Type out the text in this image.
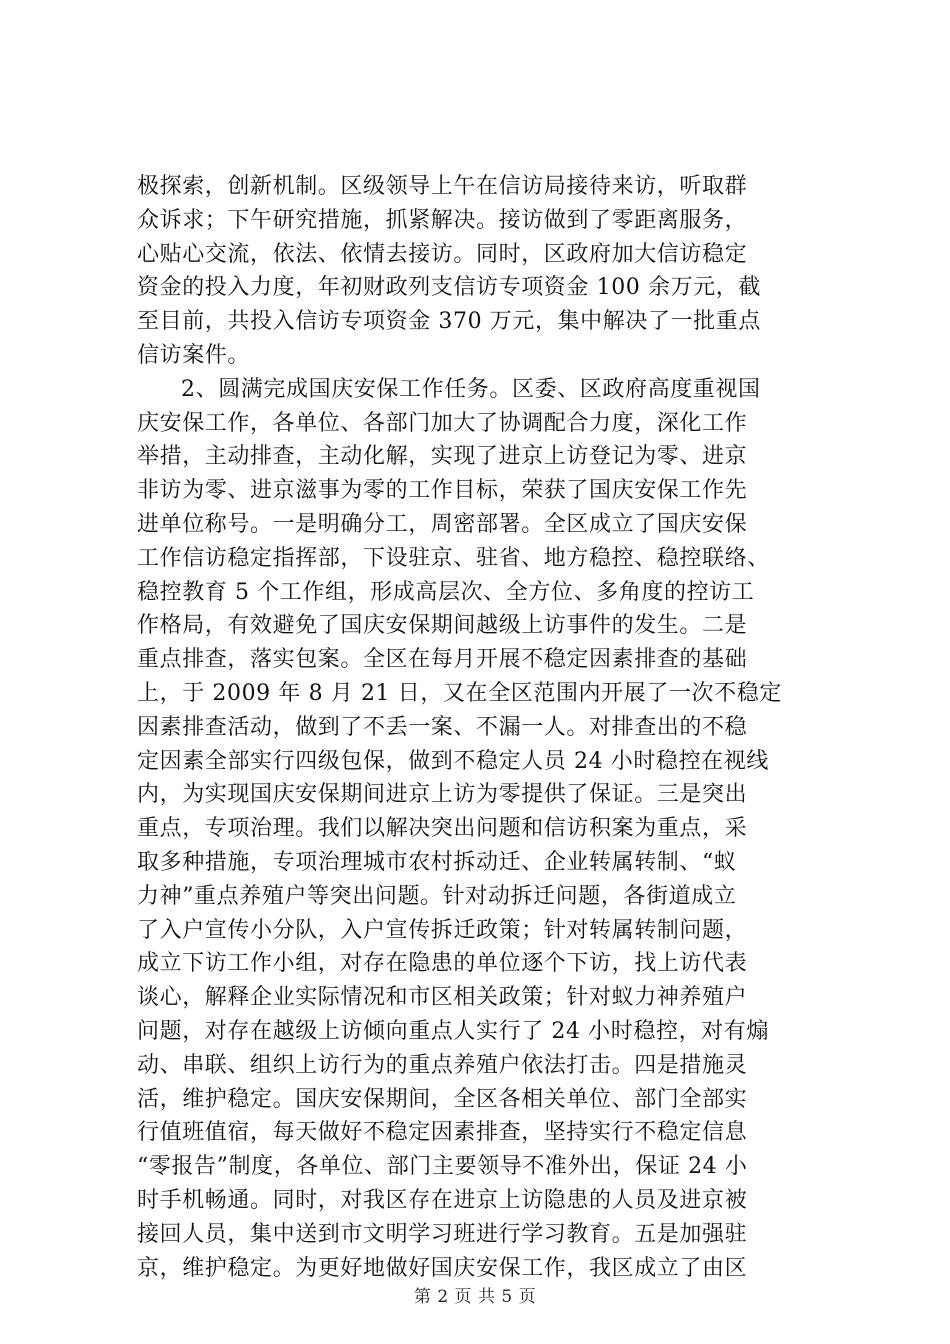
极探索，创新机制。区级领导上午在信访局接待来访，听取群
众诉求；下午研究措施，抓紧解决。接访做到了零距离服务，
心贴心交流，依法、依情去接访。同时，区政府加大信访稳定
资金的投入力度，年初财政列支信访专项资金 100 余万元，截
至目前，共投入信访专项资金 370 万元，集中解决了一批重点
信访案件。
2、圆满完成国庆安保工作任务。区委、区政府高度重视国
庆安保工作，各单位、各部门加大了协调配合力度，深化工作
举措，主动排查，主动化解，实现了进京上访登记为零、进京
非访为零、进京滋事为零的工作目标，荣获了国庆安保工作先
进单位称号。一是明确分工，周密部署。全区成立了国庆安保
工作信访稳定指挥部，下设驻京、驻省、地方稳控、稳控联络、
稳控教育 5 个工作组，形成高层次、全方位、多角度的控访工
作格局，有效避免了国庆安保期间越级上访事件的发生。二是
重点排查，落实包案。全区在每月开展不稳定因素排查的基础
上，于 2009 年 8 月 21 日，又在全区范围内开展了一次不稳定
因素排查活动，做到了不丢一案、不漏一人。对排查出的不稳
定因素全部实行四级包保，做到不稳定人员 24 小时稳控在视线
内，为实现国庆安保期间进京上访为零提供了保证。三是突出
重点，专项治理。我们以解决突出问题和信访积案为重点，采
取多种措施，专项治理城市农村拆动迁、企业转属转制、“蚁
力神”重点养殖户等突出问题。针对动拆迁问题，各街道成立
了入户宣传小分队，入户宣传拆迁政策；针对转属转制问题，
成立下访工作小组，对存在隐患的单位逐个下访，找上访代表
谈心，解释企业实际情况和市区相关政策；针对蚁力神养殖户
问题，对存在越级上访倾向重点人实行了 24 小时稳控，对有煽
动、串联、组织上访行为的重点养殖户依法打击。四是措施灵
活，维护稳定。国庆安保期间，全区各相关单位、部门全部实
行值班值宿，每天做好不稳定因素排查，坚持实行不稳定信息
“零报告”制度，各单位、部门主要领导不准外出，保证 24 小
时手机畅通。同时，对我区存在进京上访隐患的人员及进京被
接回人员，集中送到市文明学习班进行学习教育。五是加强驻
京，维护稳定。为更好地做好国庆安保工作，我区成立了由区
第 2 页 共 5 页
